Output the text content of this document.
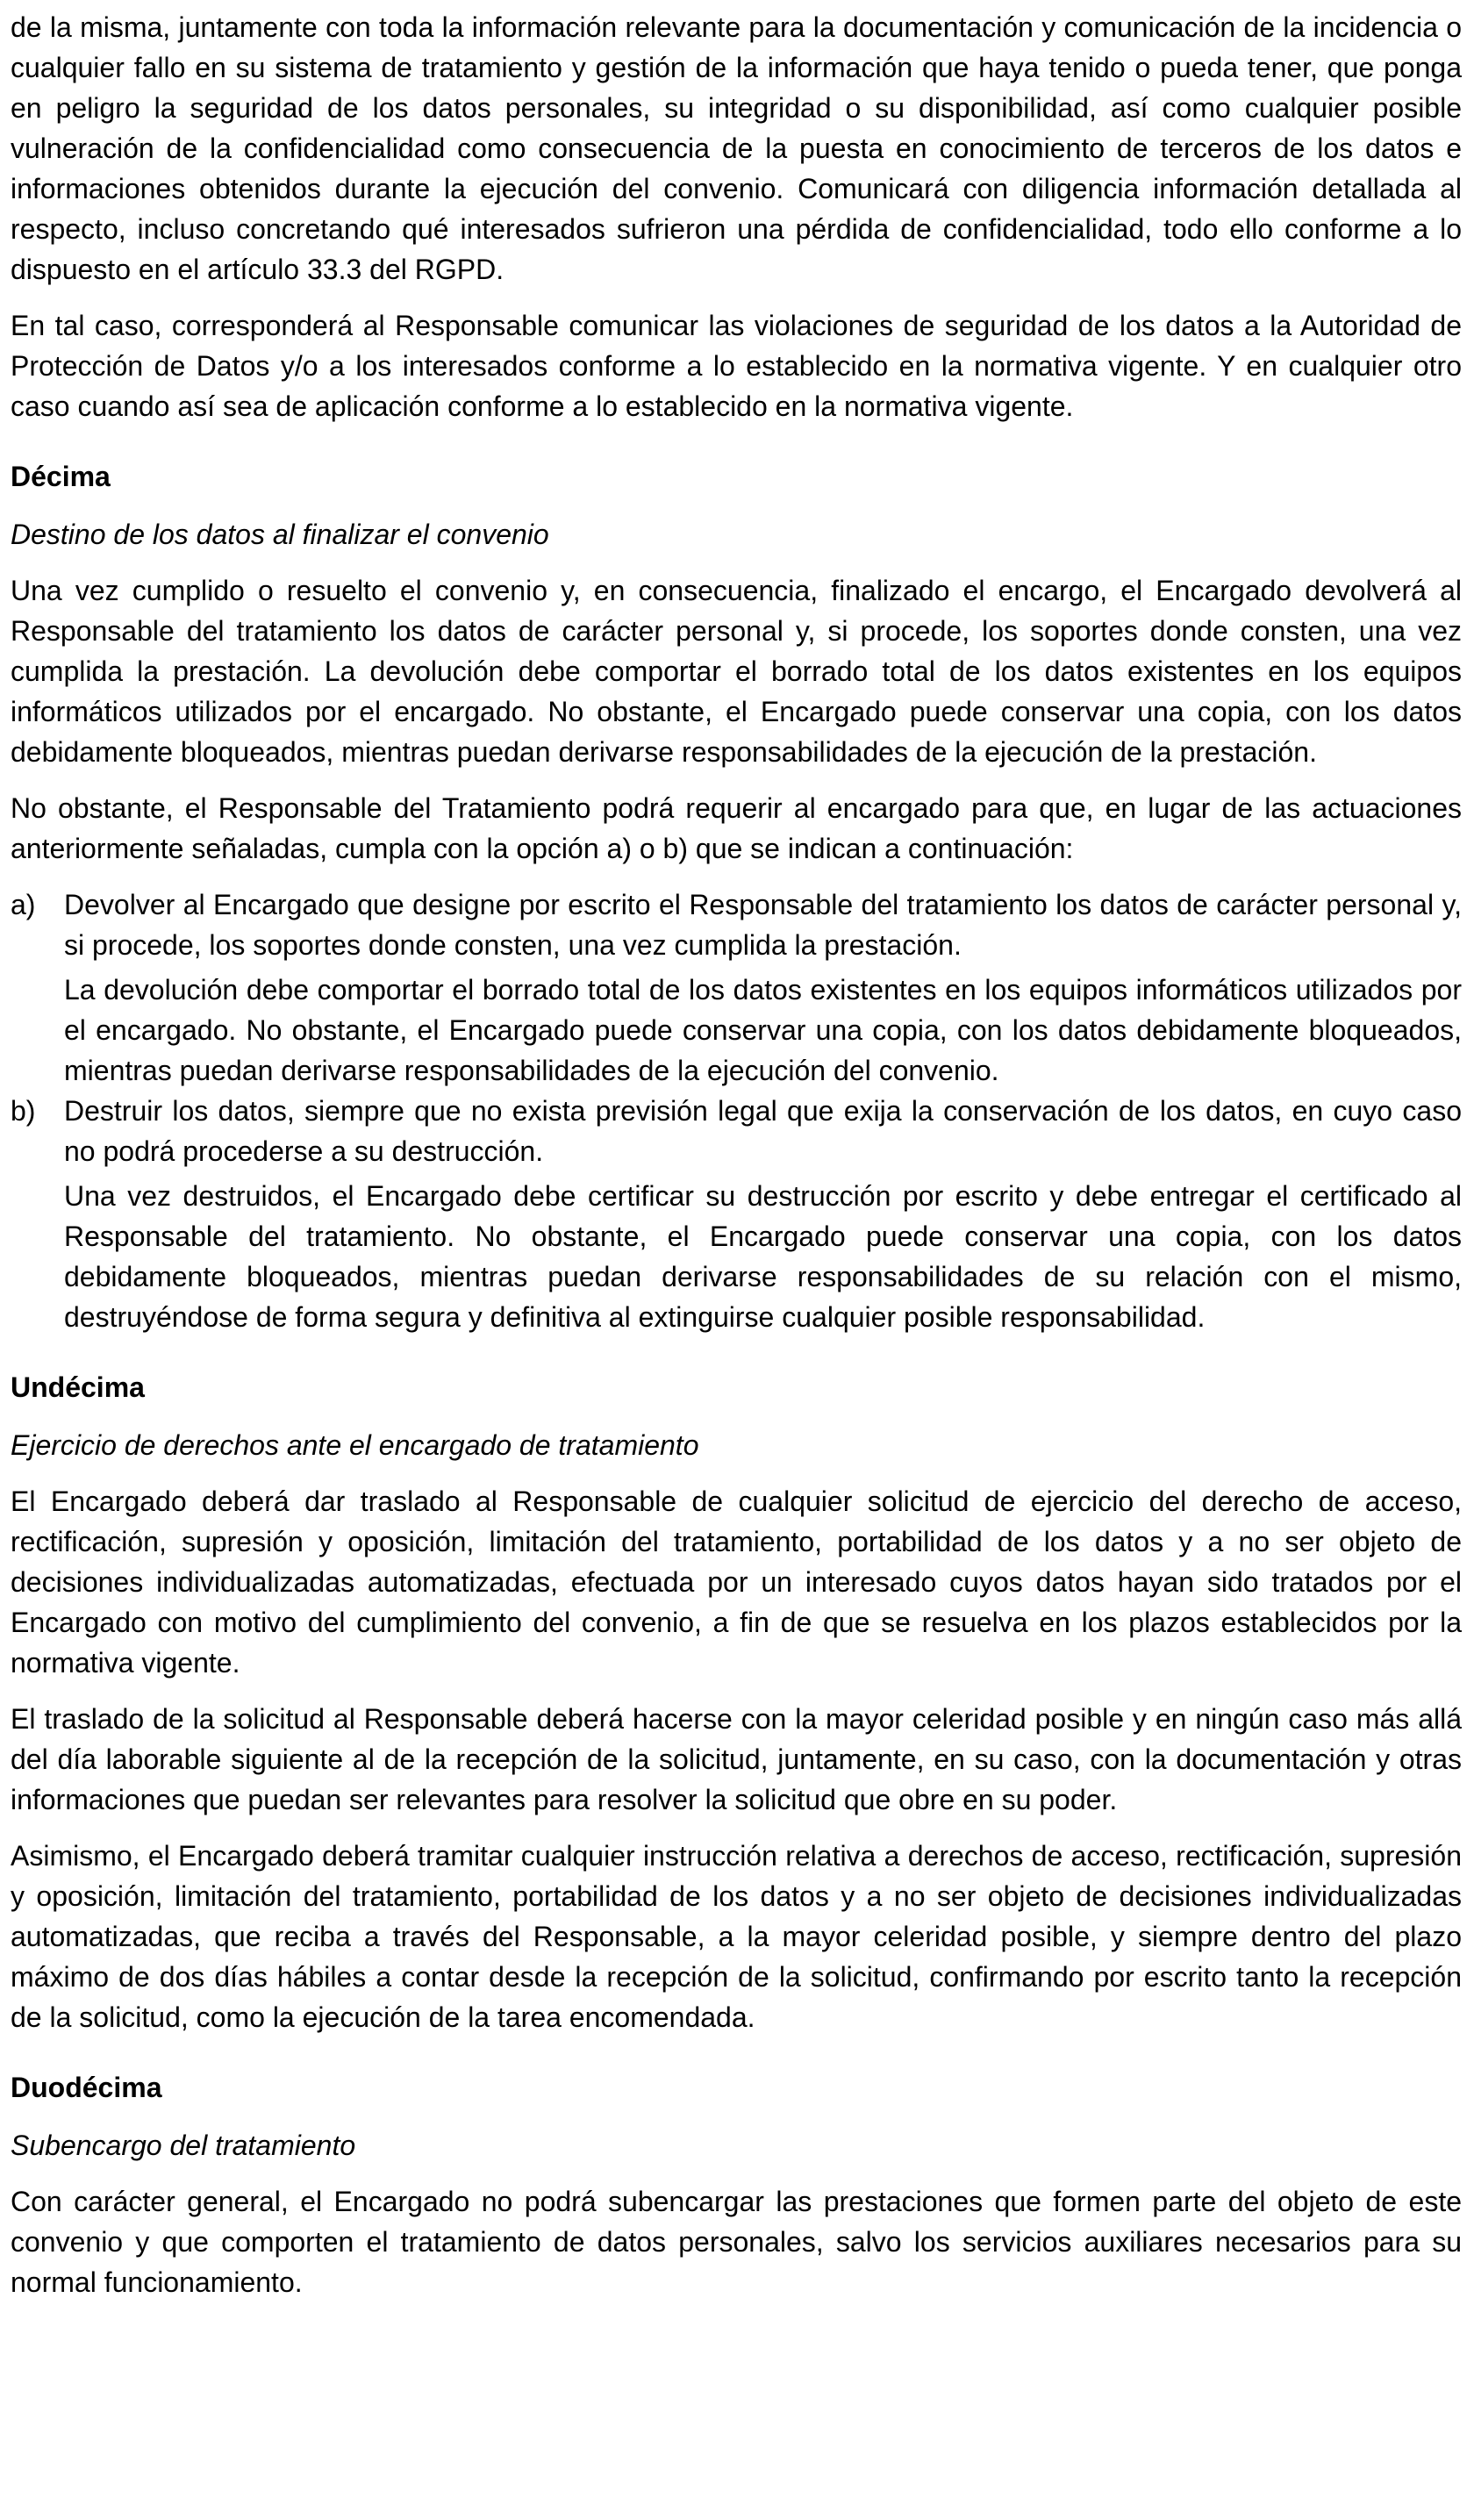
de la misma, juntamente con toda la información relevante para la documentación y comunicación de la incidencia o cualquier fallo en su sistema de tratamiento y gestión de la información que haya tenido o pueda tener, que ponga en peligro la seguridad de los datos personales, su integridad o su disponibilidad, así como cualquier posible vulneración de la confidencialidad como consecuencia de la puesta en conocimiento de terceros de los datos e informaciones obtenidos durante la ejecución del convenio. Comunicará con diligencia información detallada al respecto, incluso concretando qué interesados sufrieron una pérdida de confidencialidad, todo ello conforme a lo dispuesto en el artículo 33.3 del RGPD.

En tal caso, corresponderá al Responsable comunicar las violaciones de seguridad de los datos a la Autoridad de Protección de Datos y/o a los interesados conforme a lo establecido en la normativa vigente. Y en cualquier otro caso cuando así sea de aplicación conforme a lo establecido en la normativa vigente.

Décima

Destino de los datos al finalizar el convenio

Una vez cumplido o resuelto el convenio y, en consecuencia, finalizado el encargo, el Encargado devolverá al Responsable del tratamiento los datos de carácter personal y, si procede, los soportes donde consten, una vez cumplida la prestación. La devolución debe comportar el borrado total de los datos existentes en los equipos informáticos utilizados por el encargado. No obstante, el Encargado puede conservar una copia, con los datos debidamente bloqueados, mientras puedan derivarse responsabilidades de la ejecución de la prestación.

No obstante, el Responsable del Tratamiento podrá requerir al encargado para que, en lugar de las actuaciones anteriormente señaladas, cumpla con la opción a) o b) que se indican a continuación:

a)	Devolver al Encargado que designe por escrito el Responsable del tratamiento los datos de carácter personal y, si procede, los soportes donde consten, una vez cumplida la prestación.

La devolución debe comportar el borrado total de los datos existentes en los equipos informáticos utilizados por el encargado. No obstante, el Encargado puede conservar una copia, con los datos debidamente bloqueados, mientras puedan derivarse responsabilidades de la ejecución del convenio.

b)	Destruir los datos, siempre que no exista previsión legal que exija la conservación de los datos, en cuyo caso no podrá procederse a su destrucción.

Una vez destruidos, el Encargado debe certificar su destrucción por escrito y debe entregar el certificado al Responsable del tratamiento. No obstante, el Encargado puede conservar una copia, con los datos debidamente bloqueados, mientras puedan derivarse responsabilidades de su relación con el mismo, destruyéndose de forma segura y definitiva al extinguirse cualquier posible responsabilidad.

Undécima

Ejercicio de derechos ante el encargado de tratamiento

El Encargado deberá dar traslado al Responsable de cualquier solicitud de ejercicio del derecho de acceso, rectificación, supresión y oposición, limitación del tratamiento, portabilidad de los datos y a no ser objeto de decisiones individualizadas automatizadas, efectuada por un interesado cuyos datos hayan sido tratados por el Encargado con motivo del cumplimiento del convenio, a fin de que se resuelva en los plazos establecidos por la normativa vigente.

El traslado de la solicitud al Responsable deberá hacerse con la mayor celeridad posible y en ningún caso más allá del día laborable siguiente al de la recepción de la solicitud, juntamente, en su caso, con la documentación y otras informaciones que puedan ser relevantes para resolver la solicitud que obre en su poder.

Asimismo, el Encargado deberá tramitar cualquier instrucción relativa a derechos de acceso, rectificación, supresión y oposición, limitación del tratamiento, portabilidad de los datos y a no ser objeto de decisiones individualizadas automatizadas, que reciba a través del Responsable, a la mayor celeridad posible, y siempre dentro del plazo máximo de dos días hábiles a contar desde la recepción de la solicitud, confirmando por escrito tanto la recepción de la solicitud, como la ejecución de la tarea encomendada.

Duodécima

Subencargo del tratamiento

Con carácter general, el Encargado no podrá subencargar las prestaciones que formen parte del objeto de este convenio y que comporten el tratamiento de datos personales, salvo los servicios auxiliares necesarios para su normal funcionamiento.
